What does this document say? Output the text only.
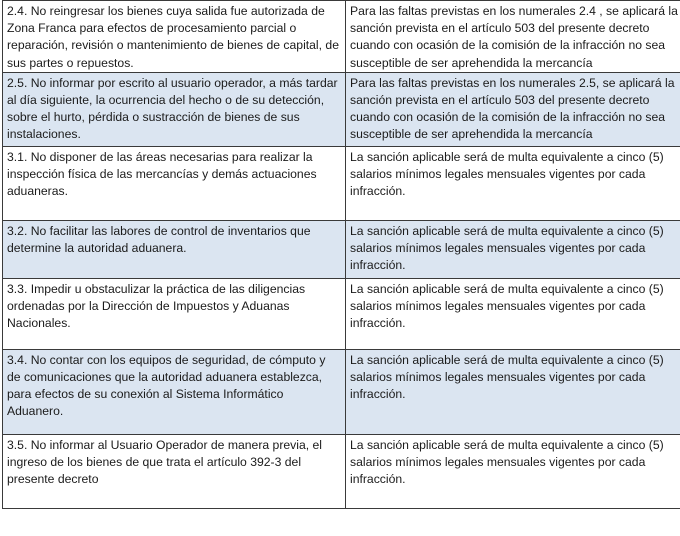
2.4. No reingresar los bienes cuya salida fue autorizada de Zona Franca para efectos de procesamiento parcial o reparación, revisión o mantenimiento de bienes de capital, de sus partes o repuestos.	Para las faltas previstas en los numerales 2.4 , se aplicará la sanción prevista en el artículo 503 del presente decreto cuando con ocasión de la comisión de la infracción no sea susceptible de ser aprehendida la mercancía

2.5. No informar por escrito al usuario operador, a más tardar al día siguiente, la ocurrencia del hecho o de su detección, sobre el hurto, pérdida o sustracción de bienes de sus instalaciones.	Para las faltas previstas en los numerales 2.5, se aplicará la sanción prevista en el artículo 503 del presente decreto cuando con ocasión de la comisión de la infracción no sea susceptible de ser aprehendida la mercancía

3.1. No disponer de las áreas necesarias para realizar la inspección física de las mercancías y demás actuaciones aduaneras.	La sanción aplicable será de multa equivalente a cinco (5) salarios mínimos legales mensuales vigentes por cada infracción.

3.2. No facilitar las labores de control de inventarios que determine la autoridad aduanera.	La sanción aplicable será de multa equivalente a cinco (5) salarios mínimos legales mensuales vigentes por cada infracción.

3.3. Impedir u obstaculizar la práctica de las diligencias ordenadas por la Dirección de Impuestos y Aduanas Nacionales.	La sanción aplicable será de multa equivalente a cinco (5) salarios mínimos legales mensuales vigentes por cada infracción.

3.4. No contar con los equipos de seguridad, de cómputo y de comunicaciones que la autoridad aduanera establezca, para efectos de su conexión al Sistema Informático Aduanero.	La sanción aplicable será de multa equivalente a cinco (5) salarios mínimos legales mensuales vigentes por cada infracción.

3.5. No informar al Usuario Operador de manera previa, el ingreso de los bienes de que trata el artículo 392-3 del presente decreto	La sanción aplicable será de multa equivalente a cinco (5) salarios mínimos legales mensuales vigentes por cada infracción.
